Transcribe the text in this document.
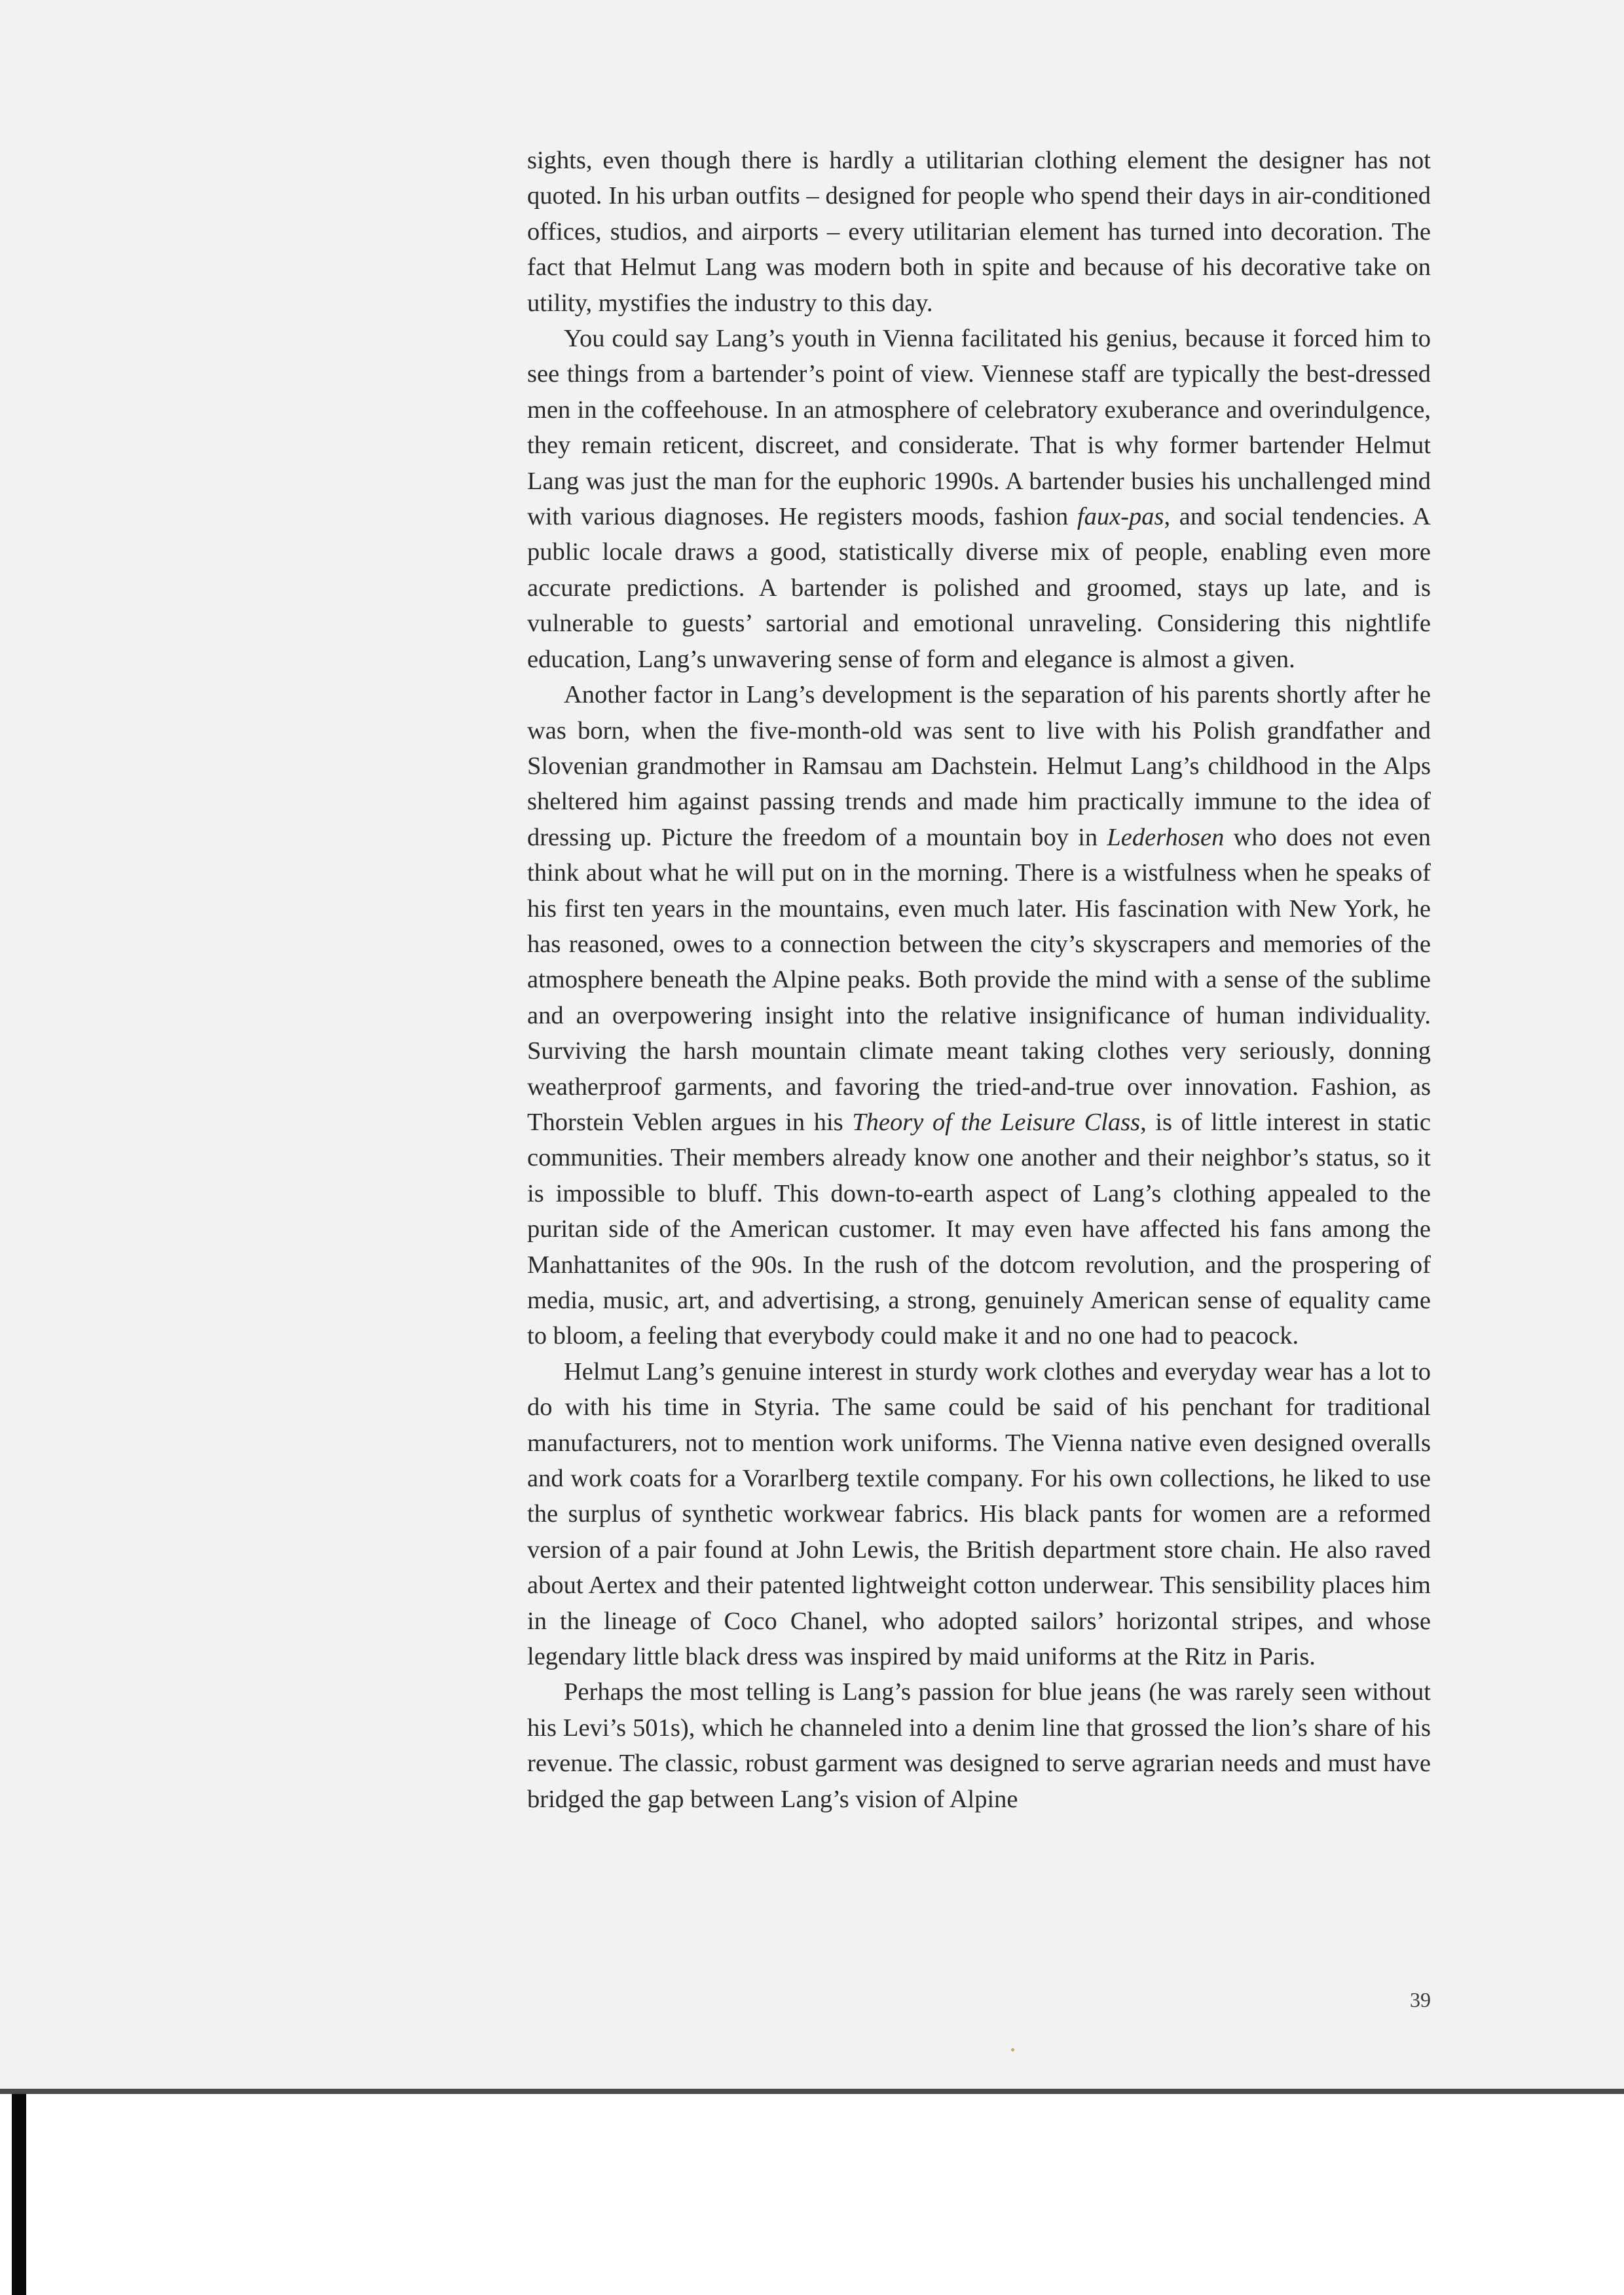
sights, even though there is hardly a utilitarian clothing element the designer has not quoted. In his urban outfits – designed for people who spend their days in air-conditioned offices, studios, and airports – every utilitarian element has turned into decoration. The fact that Helmut Lang was modern both in spite and because of his decorative take on utility, mystifies the industry to this day.

You could say Lang’s youth in Vienna facilitated his genius, because it forced him to see things from a bartender’s point of view. Viennese staff are typically the best-dressed men in the coffeehouse. In an atmosphere of celebratory exuberance and overindulgence, they remain reticent, discreet, and considerate. That is why former bartender Helmut Lang was just the man for the euphoric 1990s. A bartender busies his unchallenged mind with various diagnoses. He registers moods, fashion faux-pas, and social tendencies. A public locale draws a good, statistically diverse mix of people, enabling even more accurate predictions. A bartender is polished and groomed, stays up late, and is vulnerable to guests’ sartorial and emotional unraveling. Considering this nightlife education, Lang’s unwavering sense of form and elegance is almost a given.

Another factor in Lang’s development is the separation of his parents shortly after he was born, when the five-month-old was sent to live with his Polish grandfather and Slovenian grandmother in Ramsau am Dachstein. Helmut Lang’s childhood in the Alps sheltered him against passing trends and made him practically immune to the idea of dressing up. Picture the freedom of a mountain boy in Lederhosen who does not even think about what he will put on in the morning. There is a wistfulness when he speaks of his first ten years in the mountains, even much later. His fascination with New York, he has reasoned, owes to a connection between the city’s skyscrapers and memories of the atmosphere beneath the Alpine peaks. Both provide the mind with a sense of the sublime and an overpowering insight into the relative insignificance of human individuality. Surviving the harsh mountain climate meant taking clothes very seriously, donning weatherproof garments, and favoring the tried-and-true over innovation. Fashion, as Thorstein Veblen argues in his Theory of the Leisure Class, is of little interest in static communities. Their members already know one another and their neighbor’s status, so it is impossible to bluff. This down-to-earth aspect of Lang’s clothing appealed to the puritan side of the American customer. It may even have affected his fans among the Manhattanites of the 90s. In the rush of the dotcom revolution, and the prospering of media, music, art, and advertising, a strong, genuinely American sense of equality came to bloom, a feeling that everybody could make it and no one had to peacock.

Helmut Lang’s genuine interest in sturdy work clothes and everyday wear has a lot to do with his time in Styria. The same could be said of his penchant for traditional manufacturers, not to mention work uniforms. The Vienna native even designed overalls and work coats for a Vorarlberg textile company. For his own collections, he liked to use the surplus of synthetic workwear fabrics. His black pants for women are a reformed version of a pair found at John Lewis, the British department store chain. He also raved about Aertex and their patented lightweight cotton underwear. This sensibility places him in the lineage of Coco Chanel, who adopted sailors’ horizontal stripes, and whose legendary little black dress was inspired by maid uniforms at the Ritz in Paris.

Perhaps the most telling is Lang’s passion for blue jeans (he was rarely seen without his Levi’s 501s), which he channeled into a denim line that grossed the lion’s share of his revenue. The classic, robust garment was designed to serve agrarian needs and must have bridged the gap between Lang’s vision of Alpine

39
